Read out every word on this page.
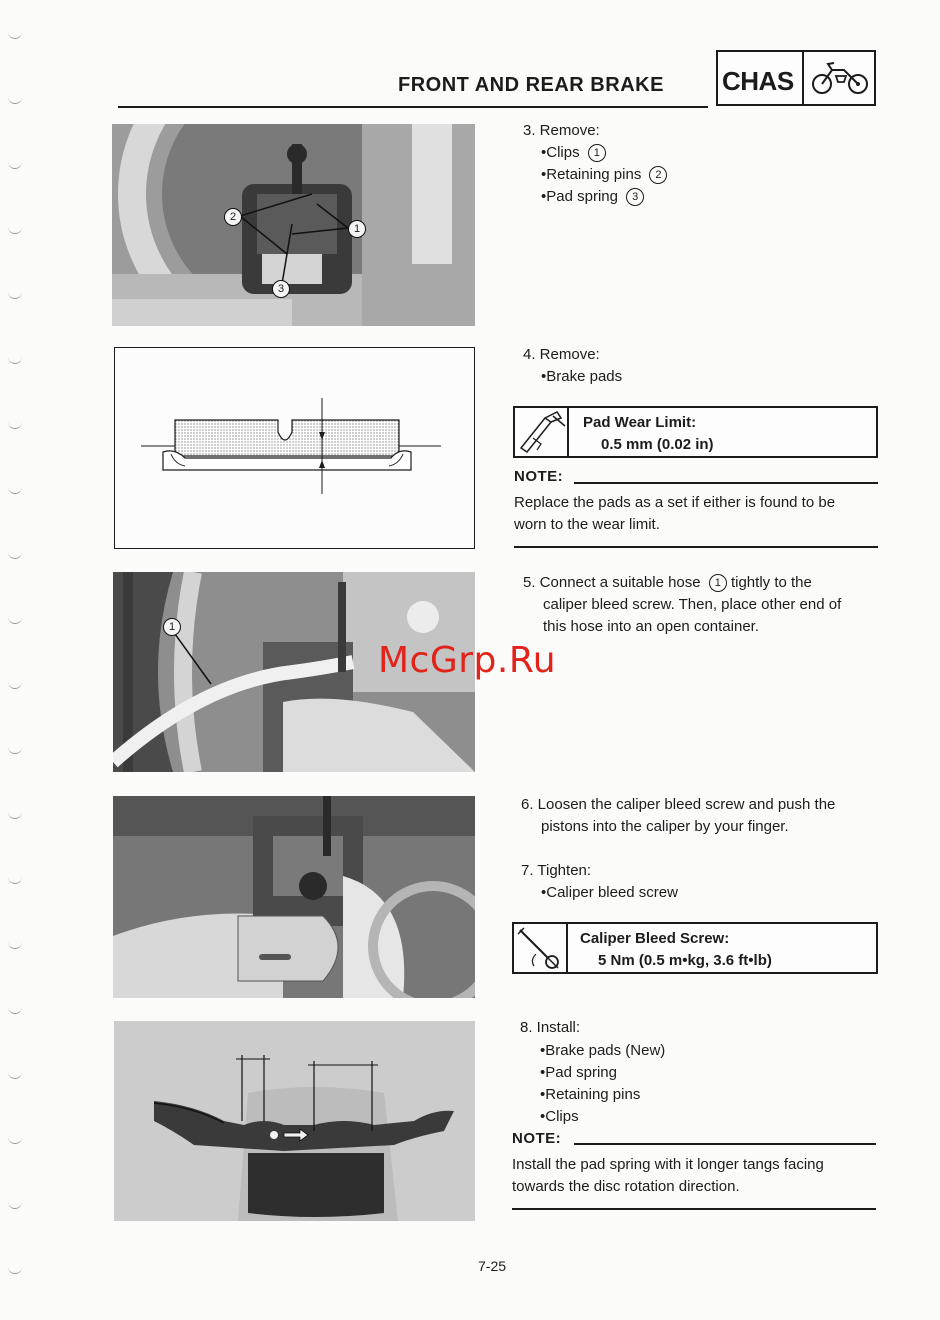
FRONT AND REAR BRAKE CHAS
2
1
3
3. Remove:
•Clips 1
•Retaining pins 2
•Pad spring 3
4. Remove:
•Brake pads
Pad Wear Limit:
0.5 mm (0.02 in)
NOTE:
Replace the pads as a set if either is found to be
worn to the wear limit.
1
5. Connect a suitable hose 1 tightly to the
caliper bleed screw. Then, place other end of
this hose into an open container.
McGrp.Ru
6. Loosen the caliper bleed screw and push the
pistons into the caliper by your finger.
7. Tighten:
•Caliper bleed screw
Caliper Bleed Screw:
5 Nm (0.5 m•kg, 3.6 ft•lb)
8. Install:
•Brake pads (New)
•Pad spring
•Retaining pins
•Clips
NOTE:
Install the pad spring with it longer tangs facing
towards the disc rotation direction.
7-25
